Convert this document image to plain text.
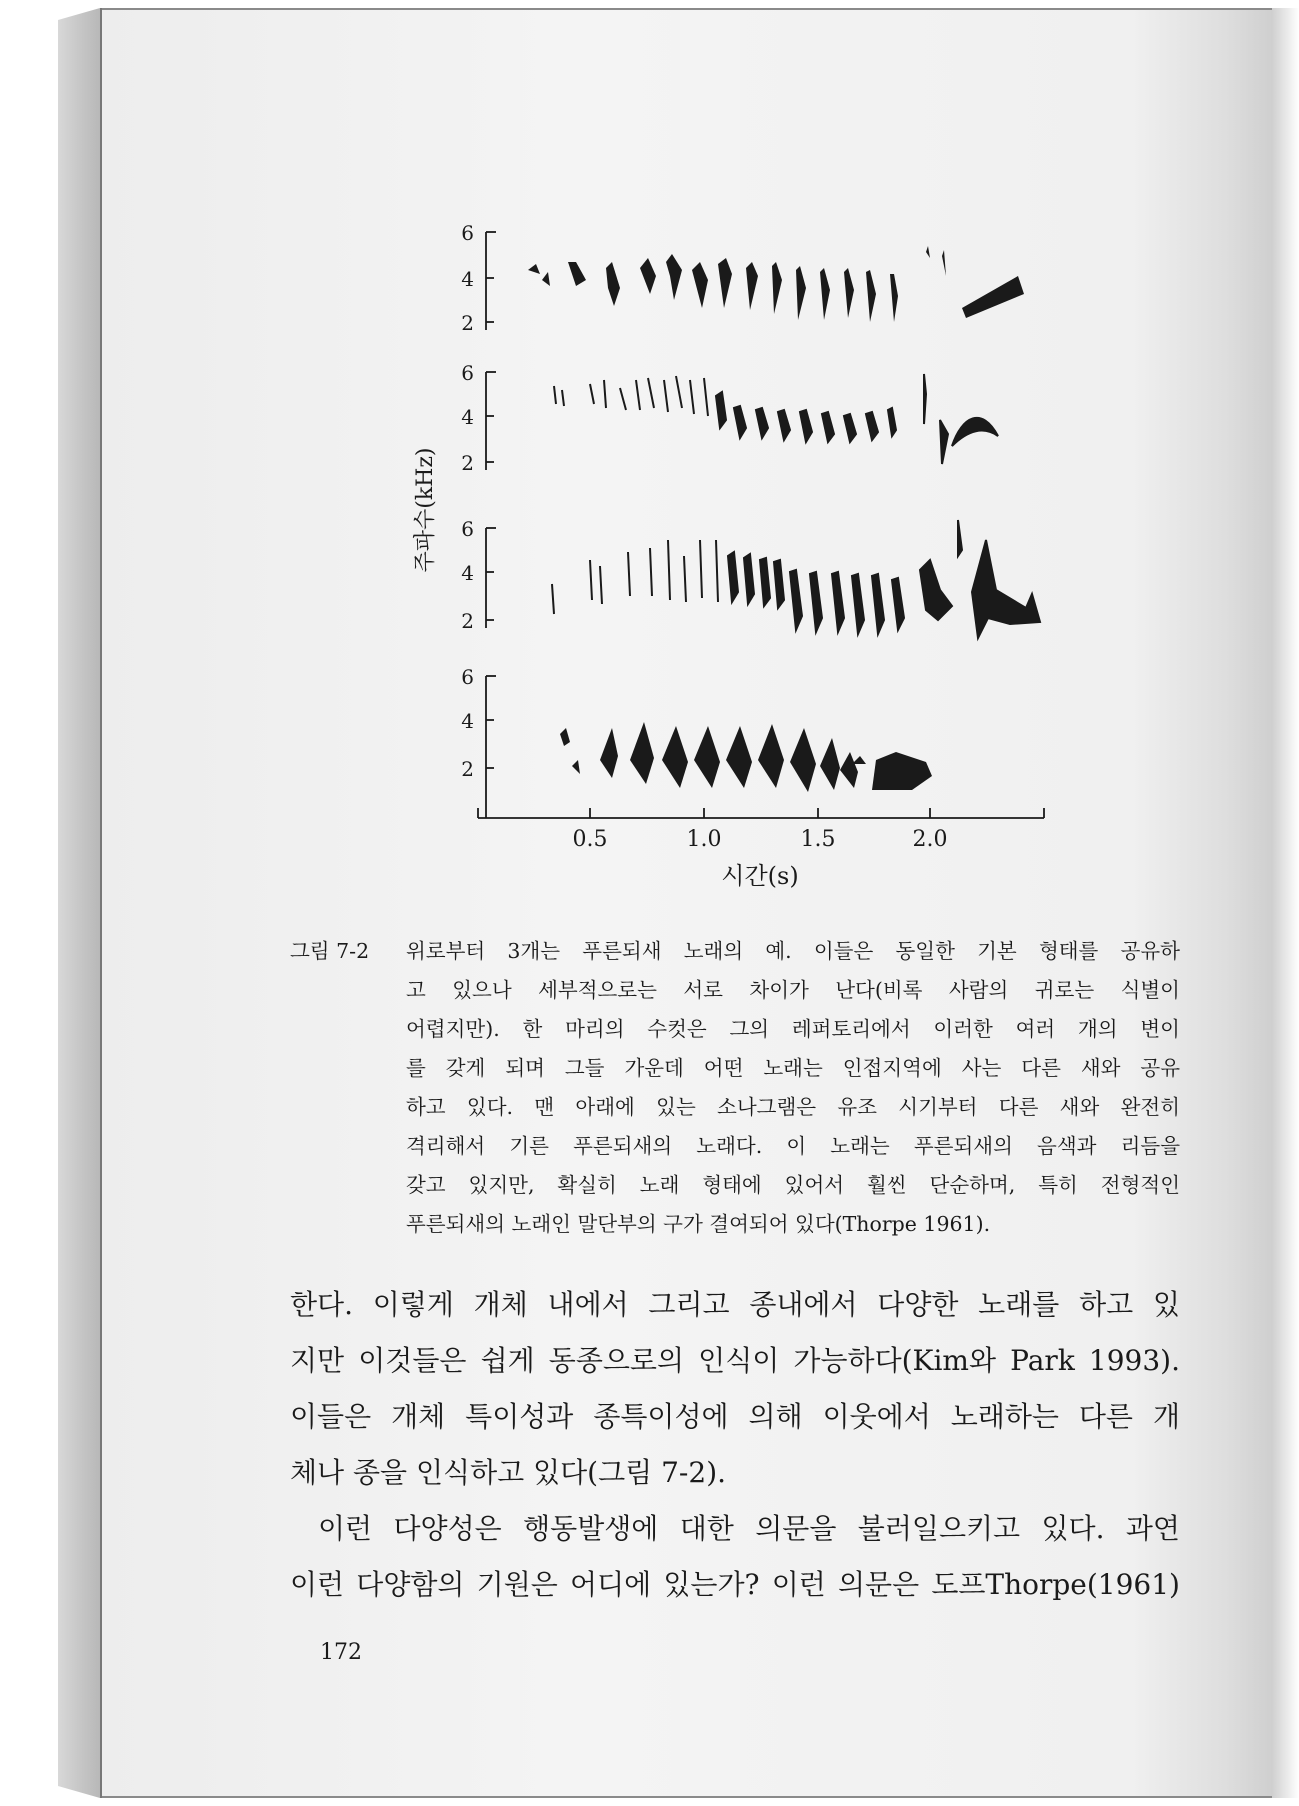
주파수(kHz)
6
4
2
6
4
2
6
4
2
6
4
2
0.5	1.0	1.5	2.0
시간(s)
그림 7-2	위로부터 3개는 푸른되새 노래의 예. 이들은 동일한 기본 형태를 공유하
고 있으나 세부적으로는 서로 차이가 난다(비록 사람의 귀로는 식별이
어렵지만). 한 마리의 수컷은 그의 레퍼토리에서 이러한 여러 개의 변이
를 갖게 되며 그들 가운데 어떤 노래는 인접지역에 사는 다른 새와 공유
하고 있다. 맨 아래에 있는 소나그램은 유조 시기부터 다른 새와 완전히
격리해서 기른 푸른되새의 노래다. 이 노래는 푸른되새의 음색과 리듬을
갖고 있지만, 확실히 노래 형태에 있어서 훨씬 단순하며, 특히 전형적인
푸른되새의 노래인 말단부의 구가 결여되어 있다(Thorpe 1961).
한다. 이렇게 개체 내에서 그리고 종내에서 다양한 노래를 하고 있
지만 이것들은 쉽게 동종으로의 인식이 가능하다(Kim와 Park 1993).
이들은 개체 특이성과 종특이성에 의해 이웃에서 노래하는 다른 개
체나 종을 인식하고 있다(그림 7-2).
이런 다양성은 행동발생에 대한 의문을 불러일으키고 있다. 과연
이런 다양함의 기원은 어디에 있는가? 이런 의문은 도프Thorpe(1961)
172
